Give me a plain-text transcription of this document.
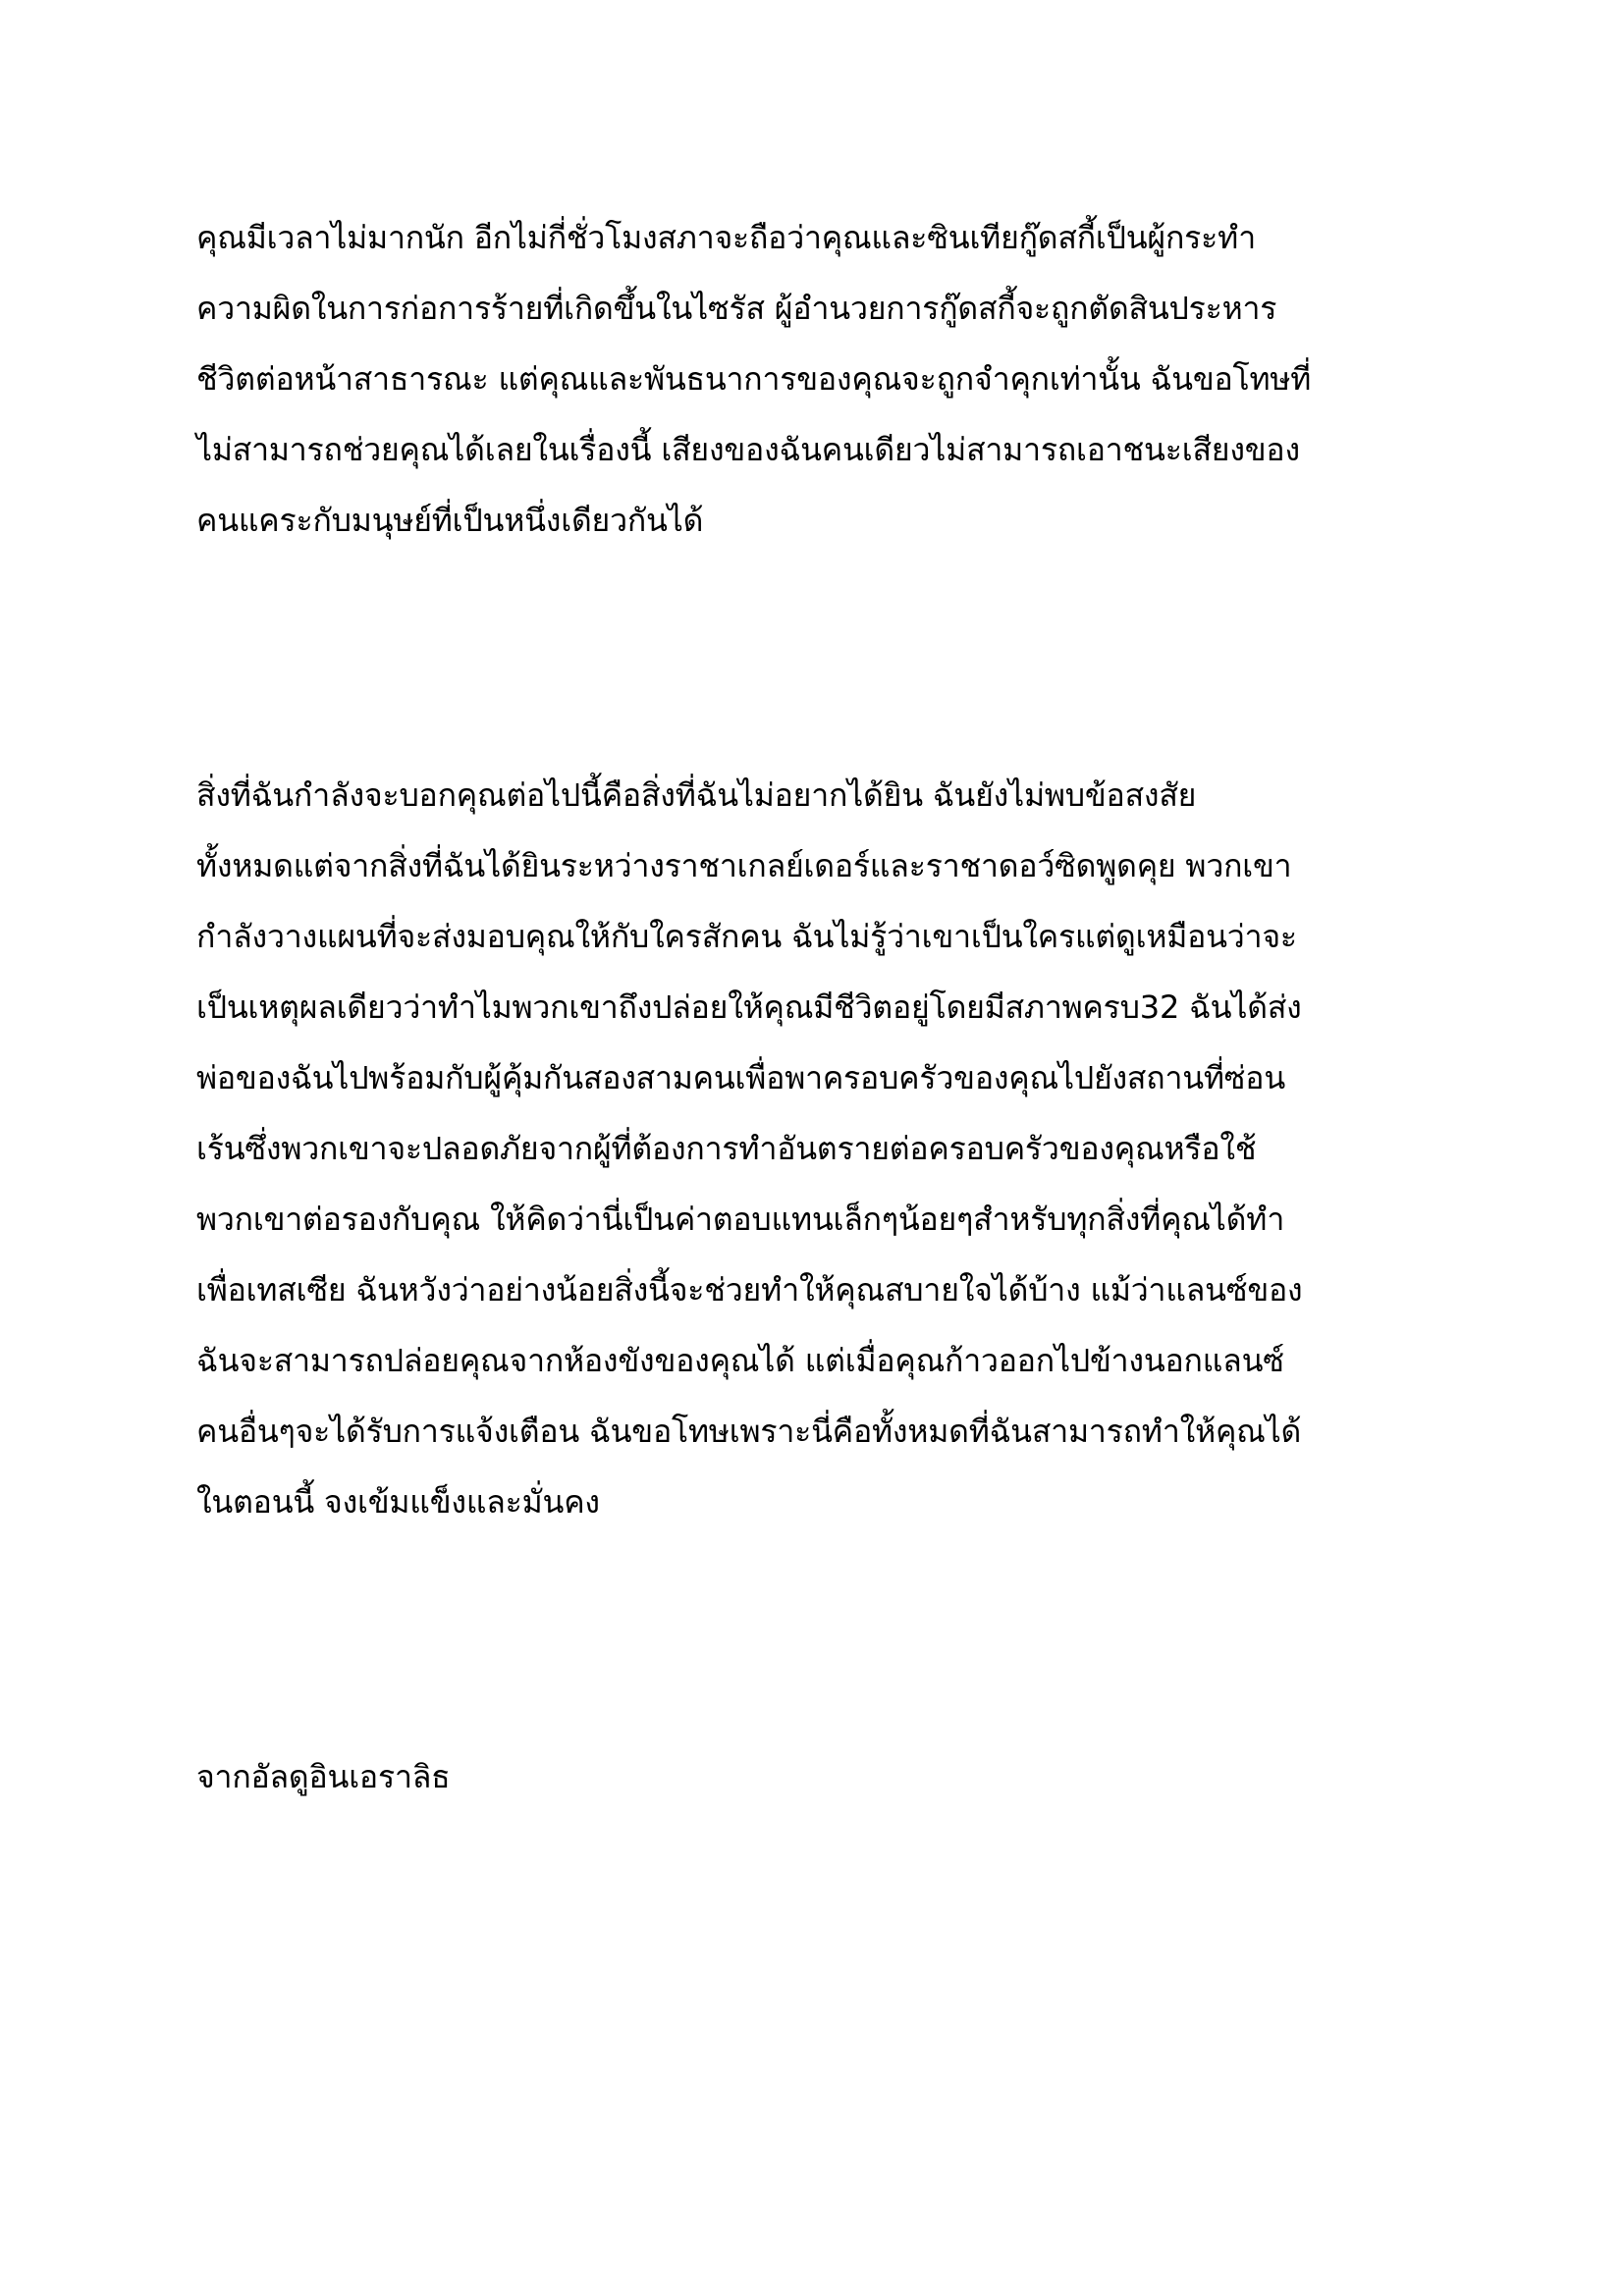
คุณมีเวลาไม่มากนัก อีกไม่กี่ชั่วโมงสภาจะถือว่าคุณและซินเทียกู๊ดสกี้เป็นผู้กระทำ
ความผิดในการก่อการร้ายที่เกิดขึ้นในไซรัส ผู้อำนวยการกู๊ดสกี้จะถูกตัดสินประหาร
ชีวิตต่อหน้าสาธารณะ แต่คุณและพันธนาการของคุณจะถูกจำคุกเท่านั้น ฉันขอโทษที่
ไม่สามารถช่วยคุณได้เลยในเรื่องนี้ เสียงของฉันคนเดียวไม่สามารถเอาชนะเสียงของ
คนแคระกับมนุษย์ที่เป็นหนึ่งเดียวกันได้
สิ่งที่ฉันกำลังจะบอกคุณต่อไปนี้คือสิ่งที่ฉันไม่อยากได้ยิน ฉันยังไม่พบข้อสงสัย
ทั้งหมดแต่จากสิ่งที่ฉันได้ยินระหว่างราชาเกลย์เดอร์และราชาดอว์ซิดพูดคุย พวกเขา
กำลังวางแผนที่จะส่งมอบคุณให้กับใครสักคน ฉันไม่รู้ว่าเขาเป็นใครแต่ดูเหมือนว่าจะ
เป็นเหตุผลเดียวว่าทำไมพวกเขาถึงปล่อยให้คุณมีชีวิตอยู่โดยมีสภาพครบ32 ฉันได้ส่ง
พ่อของฉันไปพร้อมกับผู้คุ้มกันสองสามคนเพื่อพาครอบครัวของคุณไปยังสถานที่ซ่อน
เร้นซึ่งพวกเขาจะปลอดภัยจากผู้ที่ต้องการทำอันตรายต่อครอบครัวของคุณหรือใช้
พวกเขาต่อรองกับคุณ ให้คิดว่านี่เป็นค่าตอบแทนเล็กๆน้อยๆสำหรับทุกสิ่งที่คุณได้ทำ
เพื่อเทสเซีย ฉันหวังว่าอย่างน้อยสิ่งนี้จะช่วยทำให้คุณสบายใจได้บ้าง แม้ว่าแลนซ์ของ
ฉันจะสามารถปล่อยคุณจากห้องขังของคุณได้ แต่เมื่อคุณก้าวออกไปข้างนอกแลนซ์
คนอื่นๆจะได้รับการแจ้งเตือน ฉันขอโทษเพราะนี่คือทั้งหมดที่ฉันสามารถทำให้คุณได้
ในตอนนี้ จงเข้มแข็งและมั่นคง
จากอัลดูอินเอราลิธ
